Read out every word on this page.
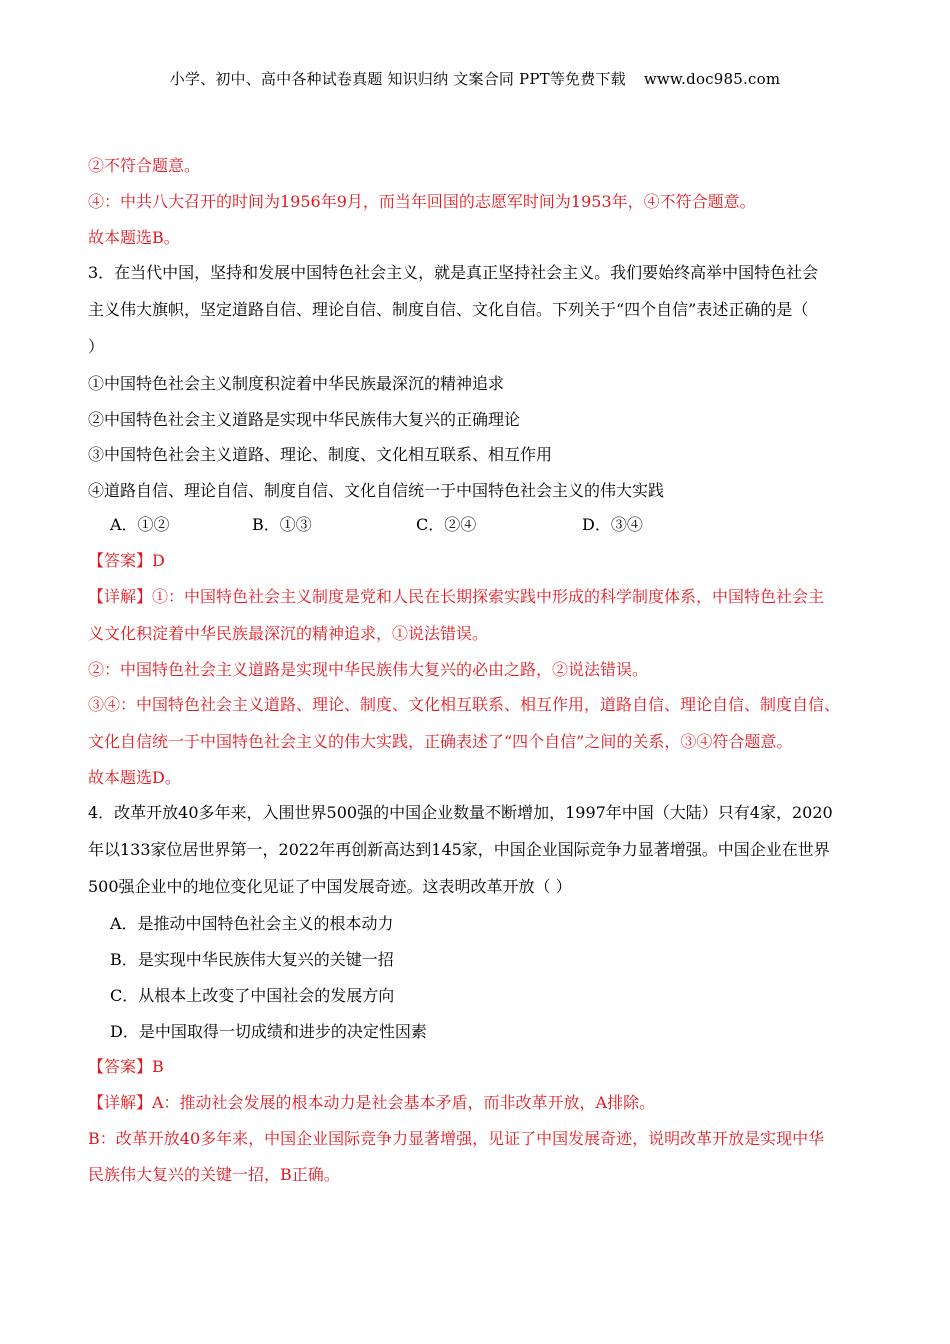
小学、初中、高中各种试卷真题 知识归纳 文案合同 PPT等免费下载 www.doc985.com
②不符合题意。
④：中共八大召开的时间为1956年9月，而当年回国的志愿军时间为1953年，④不符合题意。
故本题选B。
3．在当代中国，坚持和发展中国特色社会主义，就是真正坚持社会主义。我们要始终高举中国特色社会
主义伟大旗帜，坚定道路自信、理论自信、制度自信、文化自信。下列关于“四个自信”表述正确的是（
）
①中国特色社会主义制度积淀着中华民族最深沉的精神追求
②中国特色社会主义道路是实现中华民族伟大复兴的正确理论
③中国特色社会主义道路、理论、制度、文化相互联系、相互作用
④道路自信、理论自信、制度自信、文化自信统一于中国特色社会主义的伟大实践
A．①②	B．①③	C．②④	D．③④
【答案】D
【详解】①：中国特色社会主义制度是党和人民在长期探索实践中形成的科学制度体系，中国特色社会主
义文化积淀着中华民族最深沉的精神追求，①说法错误。
②：中国特色社会主义道路是实现中华民族伟大复兴的必由之路，②说法错误。
③④：中国特色社会主义道路、理论、制度、文化相互联系、相互作用，道路自信、理论自信、制度自信、
文化自信统一于中国特色社会主义的伟大实践，正确表述了“四个自信”之间的关系，③④符合题意。
故本题选D。
4．改革开放40多年来，入围世界500强的中国企业数量不断增加，1997年中国（大陆）只有4家，2020
年以133家位居世界第一，2022年再创新高达到145家，中国企业国际竞争力显著增强。中国企业在世界
500强企业中的地位变化见证了中国发展奇迹。这表明改革开放（ ）
A．是推动中国特色社会主义的根本动力
B．是实现中华民族伟大复兴的关键一招
C．从根本上改变了中国社会的发展方向
D．是中国取得一切成绩和进步的决定性因素
【答案】B
【详解】A：推动社会发展的根本动力是社会基本矛盾，而非改革开放，A排除。
B：改革开放40多年来，中国企业国际竞争力显著增强，见证了中国发展奇迹，说明改革开放是实现中华
民族伟大复兴的关键一招，B正确。
